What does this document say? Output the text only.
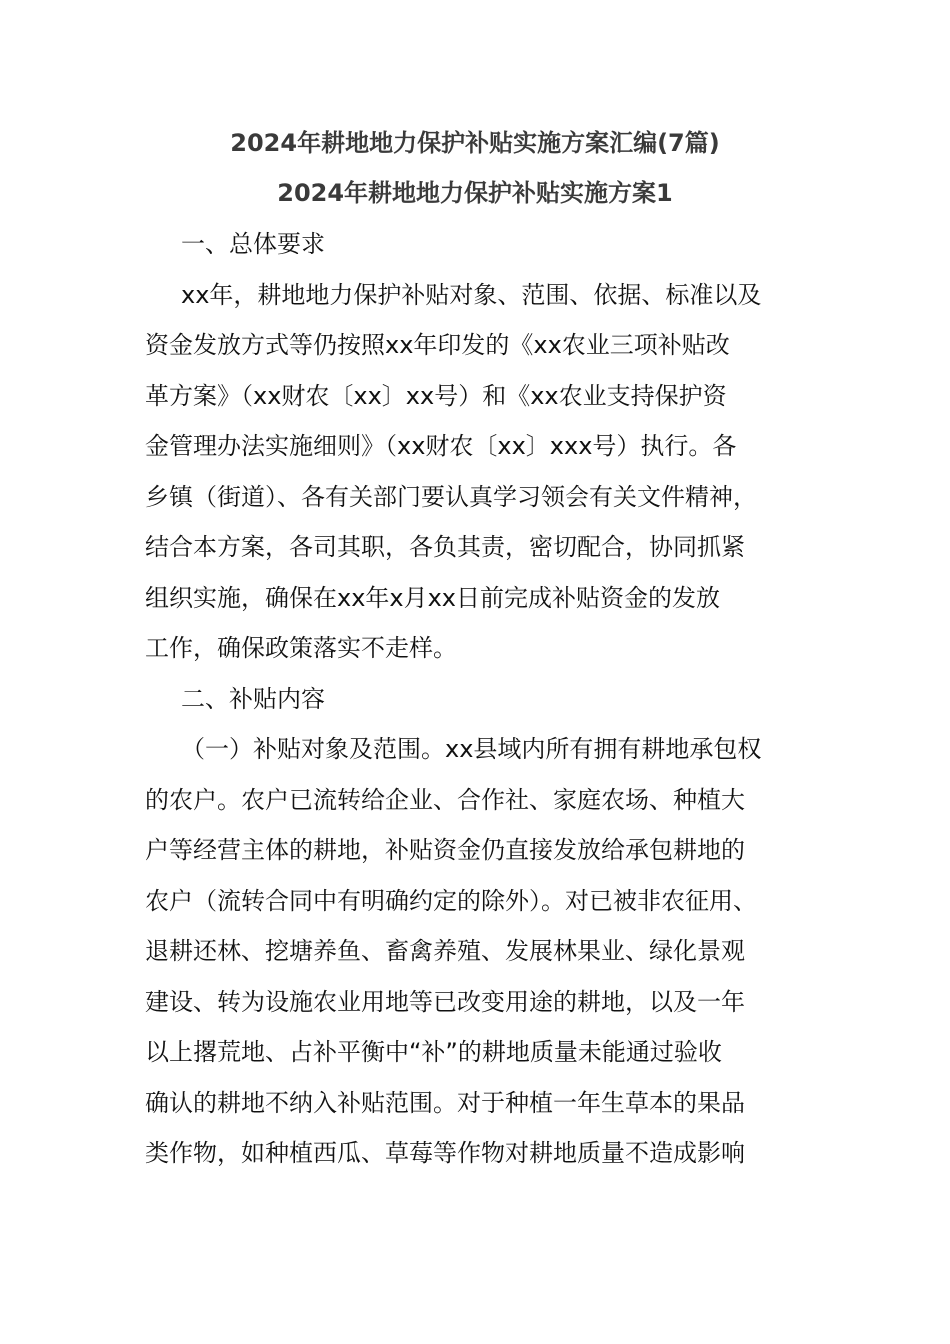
2024年耕地地力保护补贴实施方案汇编(7篇)
2024年耕地地力保护补贴实施方案1
一、总体要求
xx年，耕地地力保护补贴对象、范围、依据、标准以及
资金发放方式等仍按照xx年印发的《xx农业三项补贴改
革方案》（xx财农〔xx〕xx号）和《xx农业支持保护资
金管理办法实施细则》（xx财农〔xx〕xxx号）执行。各
乡镇（街道）、各有关部门要认真学习领会有关文件精神，
结合本方案，各司其职，各负其责，密切配合，协同抓紧
组织实施，确保在xx年x月xx日前完成补贴资金的发放
工作，确保政策落实不走样。
二、补贴内容
（一）补贴对象及范围。xx县域内所有拥有耕地承包权
的农户。农户已流转给企业、合作社、家庭农场、种植大
户等经营主体的耕地，补贴资金仍直接发放给承包耕地的
农户（流转合同中有明确约定的除外）。对已被非农征用、
退耕还林、挖塘养鱼、畜禽养殖、发展林果业、绿化景观
建设、转为设施农业用地等已改变用途的耕地，以及一年
以上撂荒地、占补平衡中“补”的耕地质量未能通过验收
确认的耕地不纳入补贴范围。对于种植一年生草本的果品
类作物，如种植西瓜、草莓等作物对耕地质量不造成影响
